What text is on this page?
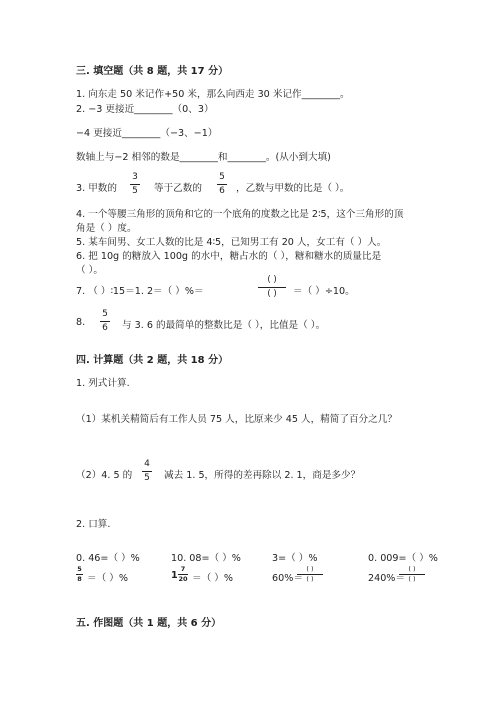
三. 填空题（共 8 题，共 17 分）
1. 向东走 50 米记作+50 米，那么向西走 30 米记作________。
2. −3 更接近________（0、3）
−4 更接近________（−3、−1）
数轴上与−2 相邻的数是________和________。(从小到大填)
3. 甲数的
3
5 等于乙数的
5
6 ，乙数与甲数的比是（ ）。
4. 一个等腰三角形的顶角和它的一个底角的度数之比是 2∶5，这个三角形的顶
角是（ ）度。
5. 某车间男、女工人数的比是 4∶5，已知男工有 20 人，女工有（ ）人。
6. 把 10g 的糖放入 100g 的水中，糖占水的（ ），糖和糖水的质量比是
（ ）。
7. （ ）∶15＝1. 2＝（ ）%＝
( )
( )	＝（ ）÷10。
8.
5
6 与 3. 6 的最简单的整数比是（ ），比值是（ ）。
四. 计算题（共 2 题，共 18 分）
1. 列式计算.
（1）某机关精简后有工作人员 75 人，比原来少 45 人，精简了百分之几？
（2）4. 5 的
4
5 减去 1. 5，所得的差再除以 2. 1，商是多少？
2. 口算.
0. 46=（ ）%	10. 08=（ ）%	3=（ ）%	0. 009=（ ）%
5
8 ＝（ ）%	1
7
20 ＝（ ）%	60%＝
( )
( )	240%＝
( )
( )
五. 作图题（共 1 题，共 6 分）
